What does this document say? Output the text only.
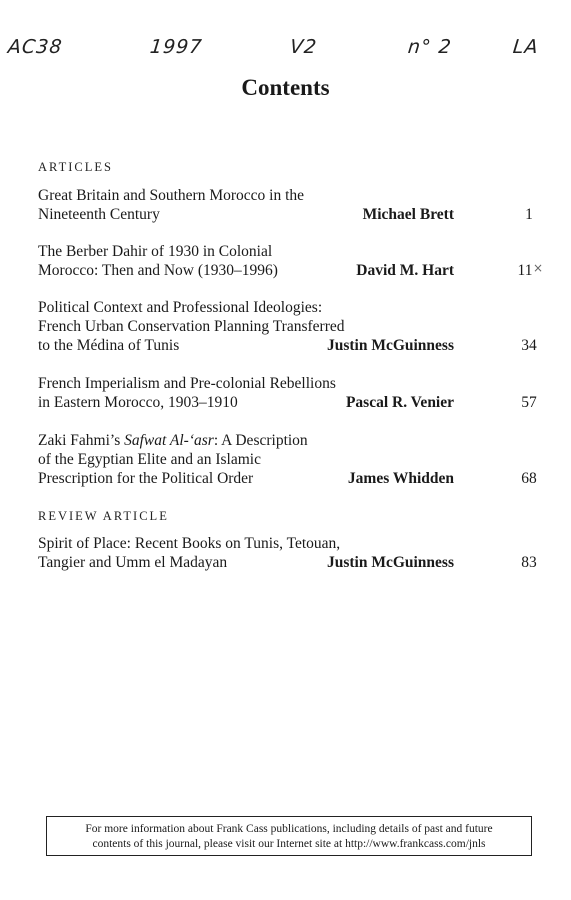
AC38	1997	V2	n° 2	LA
Contents
ARTICLES
Great Britain and Southern Morocco in the
Nineteenth Century	Michael Brett	1
The Berber Dahir of 1930 in Colonial
Morocco: Then and Now (1930–1996)	David M. Hart	11 ×
Political Context and Professional Ideologies:
French Urban Conservation Planning Transferred
to the Médina of Tunis	Justin McGuinness	34
French Imperialism and Pre-colonial Rebellions
in Eastern Morocco, 1903–1910	Pascal R. Venier	57
Zaki Fahmi’s Safwat Al-‘asr: A Description
of the Egyptian Elite and an Islamic
Prescription for the Political Order	James Whidden	68
REVIEW ARTICLE
Spirit of Place: Recent Books on Tunis, Tetouan,
Tangier and Umm el Madayan	Justin McGuinness	83
For more information about Frank Cass publications, including details of past and future
contents of this journal, please visit our Internet site at http://www.frankcass.com/jnls
